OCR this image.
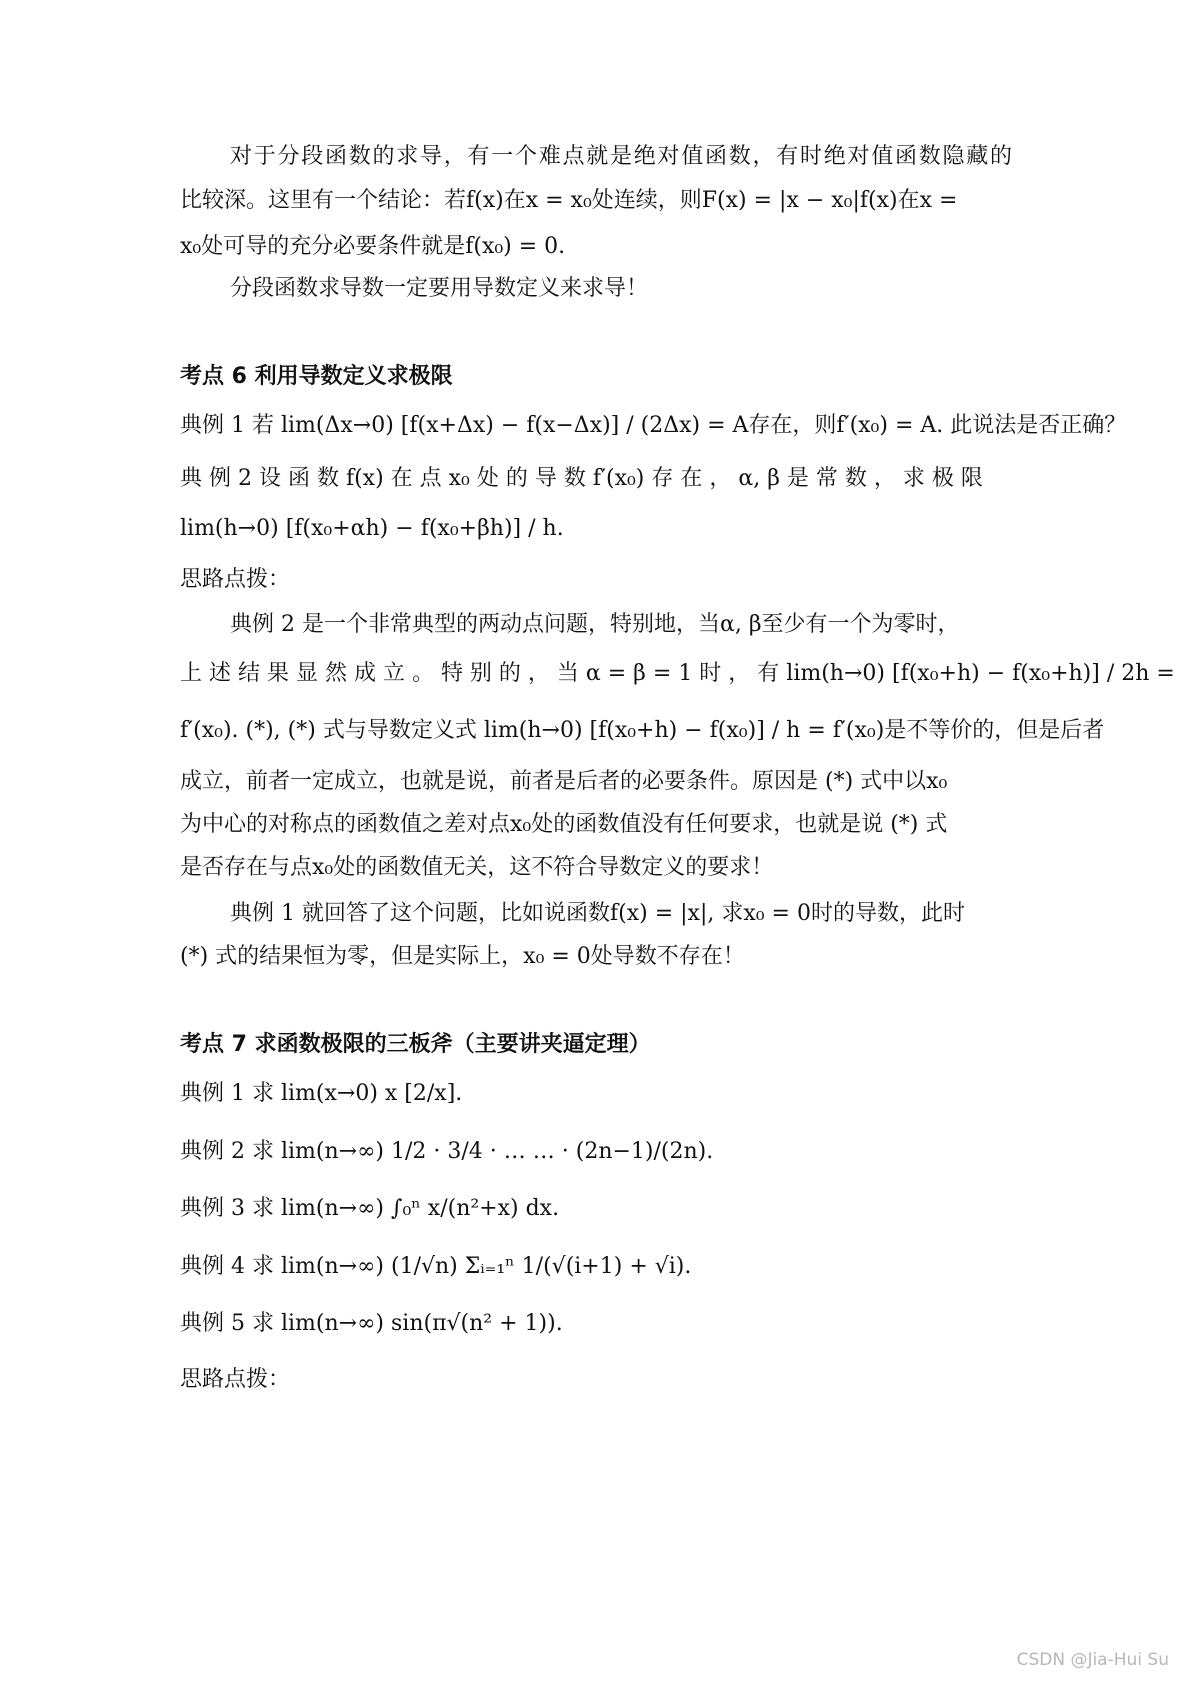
对于分段函数的求导，有一个难点就是绝对值函数，有时绝对值函数隐藏的
比较深。这里有一个结论：若f(x)在x = x₀处连续，则F(x) = |x − x₀|f(x)在x =
x₀处可导的充分必要条件就是f(x₀) = 0.
分段函数求导数一定要用导数定义来求导！
考点 6 利用导数定义求极限
典例 1 若 lim(Δx→0) [f(x+Δx) − f(x−Δx)] / (2Δx) = A存在，则f′(x₀) = A. 此说法是否正确？
典 例 2 设 函 数 f(x) 在 点 x₀ 处 的 导 数 f′(x₀) 存 在 ， α, β 是 常 数 ， 求 极 限
lim(h→0) [f(x₀+αh) − f(x₀+βh)] / h.
思路点拨：
典例 2 是一个非常典型的两动点问题，特别地，当α, β至少有一个为零时，
上 述 结 果 显 然 成 立 。 特 别 的 ， 当 α = β = 1 时 ， 有 lim(h→0) [f(x₀+h) − f(x₀+h)] / 2h =
f′(x₀). (*), (*) 式与导数定义式 lim(h→0) [f(x₀+h) − f(x₀)] / h = f′(x₀)是不等价的，但是后者
成立，前者一定成立，也就是说，前者是后者的必要条件。原因是 (*) 式中以x₀
为中心的对称点的函数值之差对点x₀处的函数值没有任何要求，也就是说 (*) 式
是否存在与点x₀处的函数值无关，这不符合导数定义的要求！
典例 1 就回答了这个问题，比如说函数f(x) = |x|, 求x₀ = 0时的导数，此时
(*) 式的结果恒为零，但是实际上，x₀ = 0处导数不存在！
考点 7 求函数极限的三板斧（主要讲夹逼定理）
典例 1 求 lim(x→0) x [2/x].
典例 2 求 lim(n→∞) 1/2 · 3/4 · … … · (2n−1)/(2n).
典例 3 求 lim(n→∞) ∫₀ⁿ x/(n²+x) dx.
典例 4 求 lim(n→∞) (1/√n) Σᵢ₌₁ⁿ 1/(√(i+1) + √i).
典例 5 求 lim(n→∞) sin(π√(n² + 1)).
思路点拨：
CSDN @Jia-Hui Su
